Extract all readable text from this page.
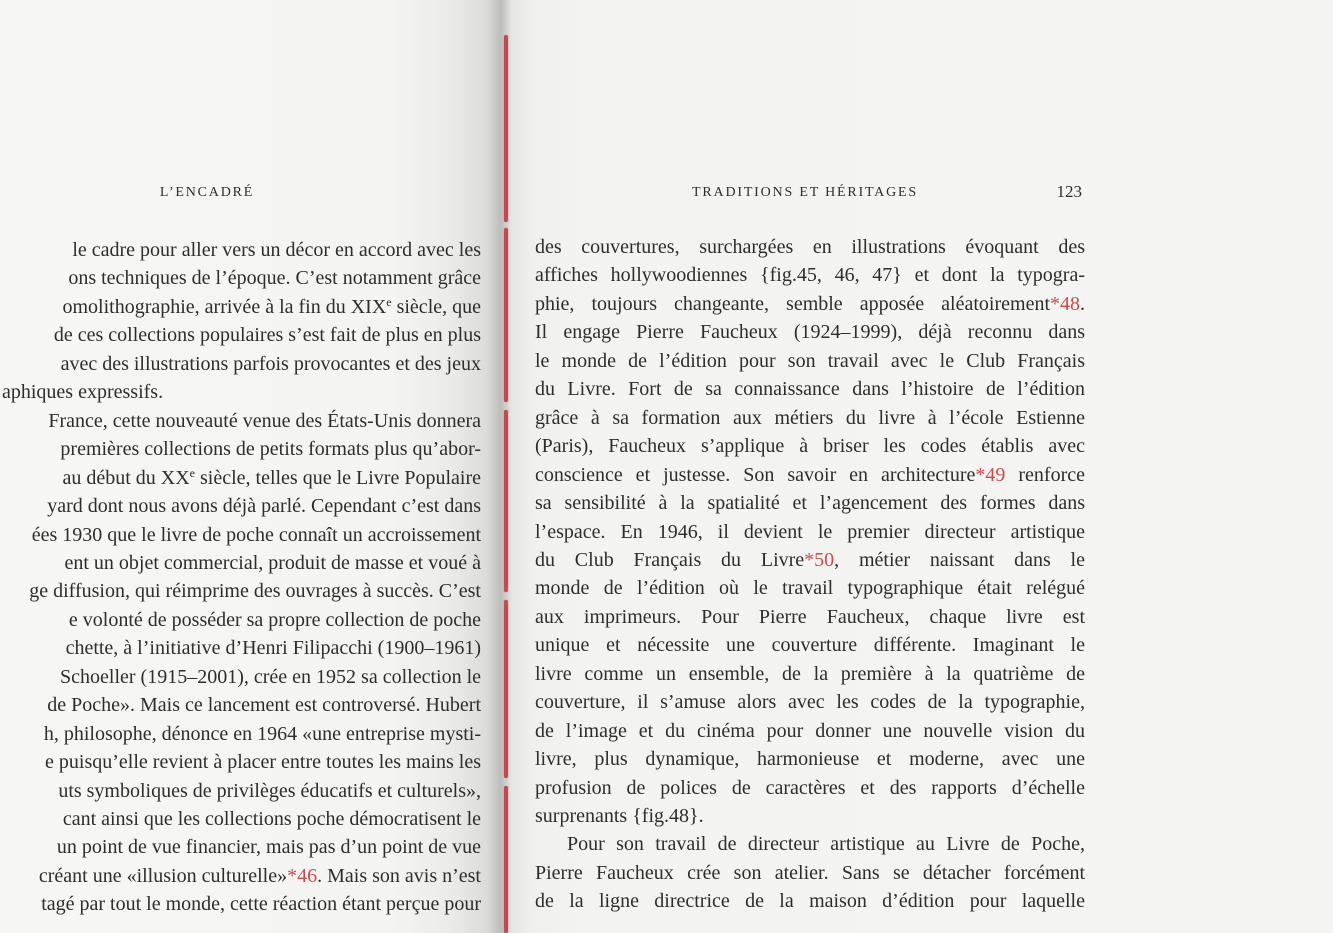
L’ENCADRÉ
le cadre pour aller vers un décor en accord avec les
ons techniques de l’époque. C’est notamment grâce
omolithographie, arrivée à la fin du XIXe siècle, que
de ces collections populaires s’est fait de plus en plus
avec des illustrations parfois provocantes et des jeux
aphiques expressifs.
France, cette nouveauté venue des États-Unis donnera
premières collections de petits formats plus qu’abor-
au début du XXe siècle, telles que le Livre Populaire
yard dont nous avons déjà parlé. Cependant c’est dans
ées 1930 que le livre de poche connaît un accroissement
ent un objet commercial, produit de masse et voué à
ge diffusion, qui réimprime des ouvrages à succès. C’est
e volonté de posséder sa propre collection de poche
chette, à l’initiative d’Henri Filipacchi (1900–1961)
Schoeller (1915–2001), crée en 1952 sa collection le
de Poche». Mais ce lancement est controversé. Hubert
h, philosophe, dénonce en 1964 «une entreprise mysti-
e puisqu’elle revient à placer entre toutes les mains les
uts symboliques de privilèges éducatifs et culturels»,
cant ainsi que les collections poche démocratisent le
un point de vue financier, mais pas d’un point de vue
créant une «illusion culturelle»*46. Mais son avis n’est
tagé par tout le monde, cette réaction étant perçue pour
TRADITIONS ET HÉRITAGES	123
des couvertures, surchargées en illustrations évoquant des
affiches hollywoodiennes {fig.45, 46, 47} et dont la typogra-
phie, toujours changeante, semble apposée aléatoirement*48.
Il engage Pierre Faucheux (1924–1999), déjà reconnu dans
le monde de l’édition pour son travail avec le Club Français
du Livre. Fort de sa connaissance dans l’histoire de l’édition
grâce à sa formation aux métiers du livre à l’école Estienne
(Paris), Faucheux s’applique à briser les codes établis avec
conscience et justesse. Son savoir en architecture*49 renforce
sa sensibilité à la spatialité et l’agencement des formes dans
l’espace. En 1946, il devient le premier directeur artistique
du Club Français du Livre*50, métier naissant dans le
monde de l’édition où le travail typographique était relégué
aux imprimeurs. Pour Pierre Faucheux, chaque livre est
unique et nécessite une couverture différente. Imaginant le
livre comme un ensemble, de la première à la quatrième de
couverture, il s’amuse alors avec les codes de la typographie,
de l’image et du cinéma pour donner une nouvelle vision du
livre, plus dynamique, harmonieuse et moderne, avec une
profusion de polices de caractères et des rapports d’échelle
surprenants {fig.48}.
Pour son travail de directeur artistique au Livre de Poche,
Pierre Faucheux crée son atelier. Sans se détacher forcément
de la ligne directrice de la maison d’édition pour laquelle
